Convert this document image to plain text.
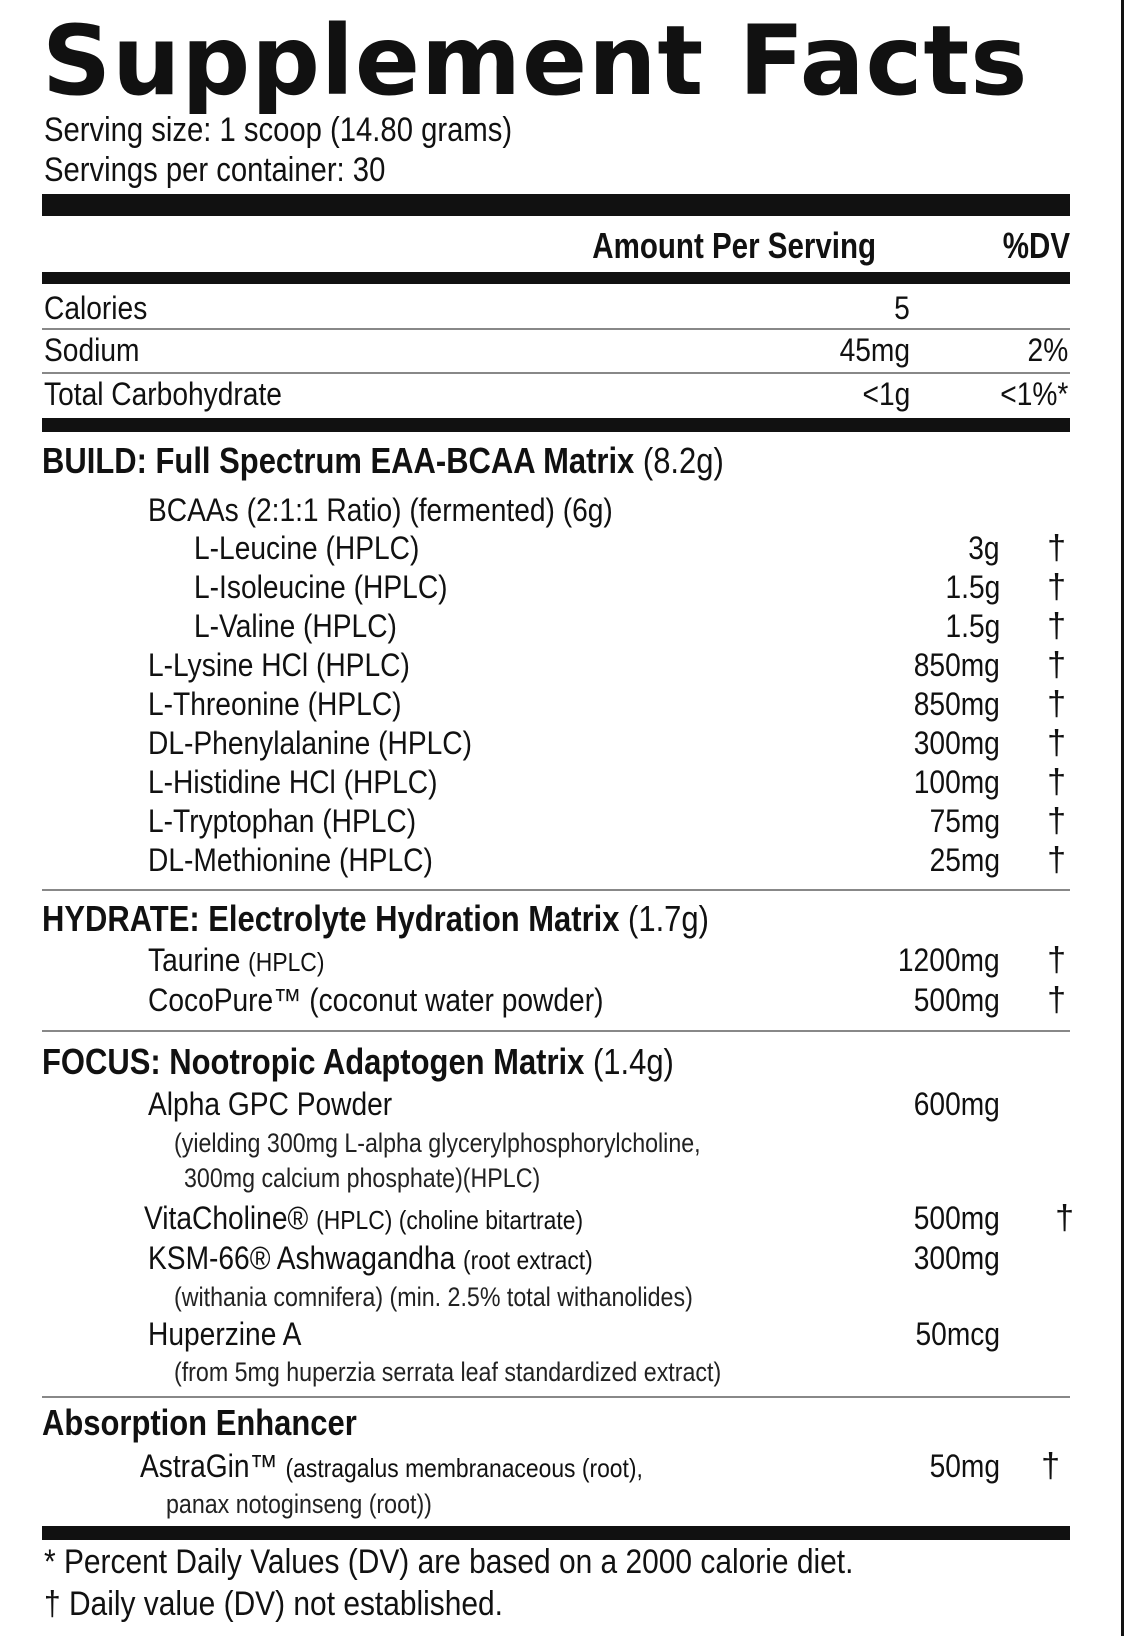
Supplement Facts
Serving size: 1 scoop (14.80 grams)
Servings per container: 30
Amount Per Serving	%DV
Calories	5
Sodium	45mg	2%
Total Carbohydrate	<1g	<1%*
BUILD: Full Spectrum EAA-BCAA Matrix (8.2g)
BCAAs (2:1:1 Ratio) (fermented) (6g)
L-Leucine (HPLC)	3g †
L-Isoleucine (HPLC)	1.5g †
L-Valine (HPLC)	1.5g †
L-Lysine HCl (HPLC)	850mg †
L-Threonine (HPLC)	850mg †
DL-Phenylalanine (HPLC)	300mg †
L-Histidine HCl (HPLC)	100mg †
L-Tryptophan (HPLC)	75mg †
DL-Methionine (HPLC)	25mg †
HYDRATE: Electrolyte Hydration Matrix (1.7g)
Taurine (HPLC)	1200mg †
CocoPure™ (coconut water powder)	500mg †
FOCUS: Nootropic Adaptogen Matrix (1.4g)
Alpha GPC Powder	600mg
(yielding 300mg L-alpha glycerylphosphorylcholine,
300mg calcium phosphate)(HPLC)
VitaCholine® (HPLC) (choline bitartrate)	500mg †
KSM-66® Ashwagandha (root extract)	300mg
(withania comnifera) (min. 2.5% total withanolides)
Huperzine A	50mcg
(from 5mg huperzia serrata leaf standardized extract)
Absorption Enhancer
AstraGin™ (astragalus membranaceous (root),	50mg †
panax notoginseng (root))
* Percent Daily Values (DV) are based on a 2000 calorie diet.
† Daily value (DV) not established.
